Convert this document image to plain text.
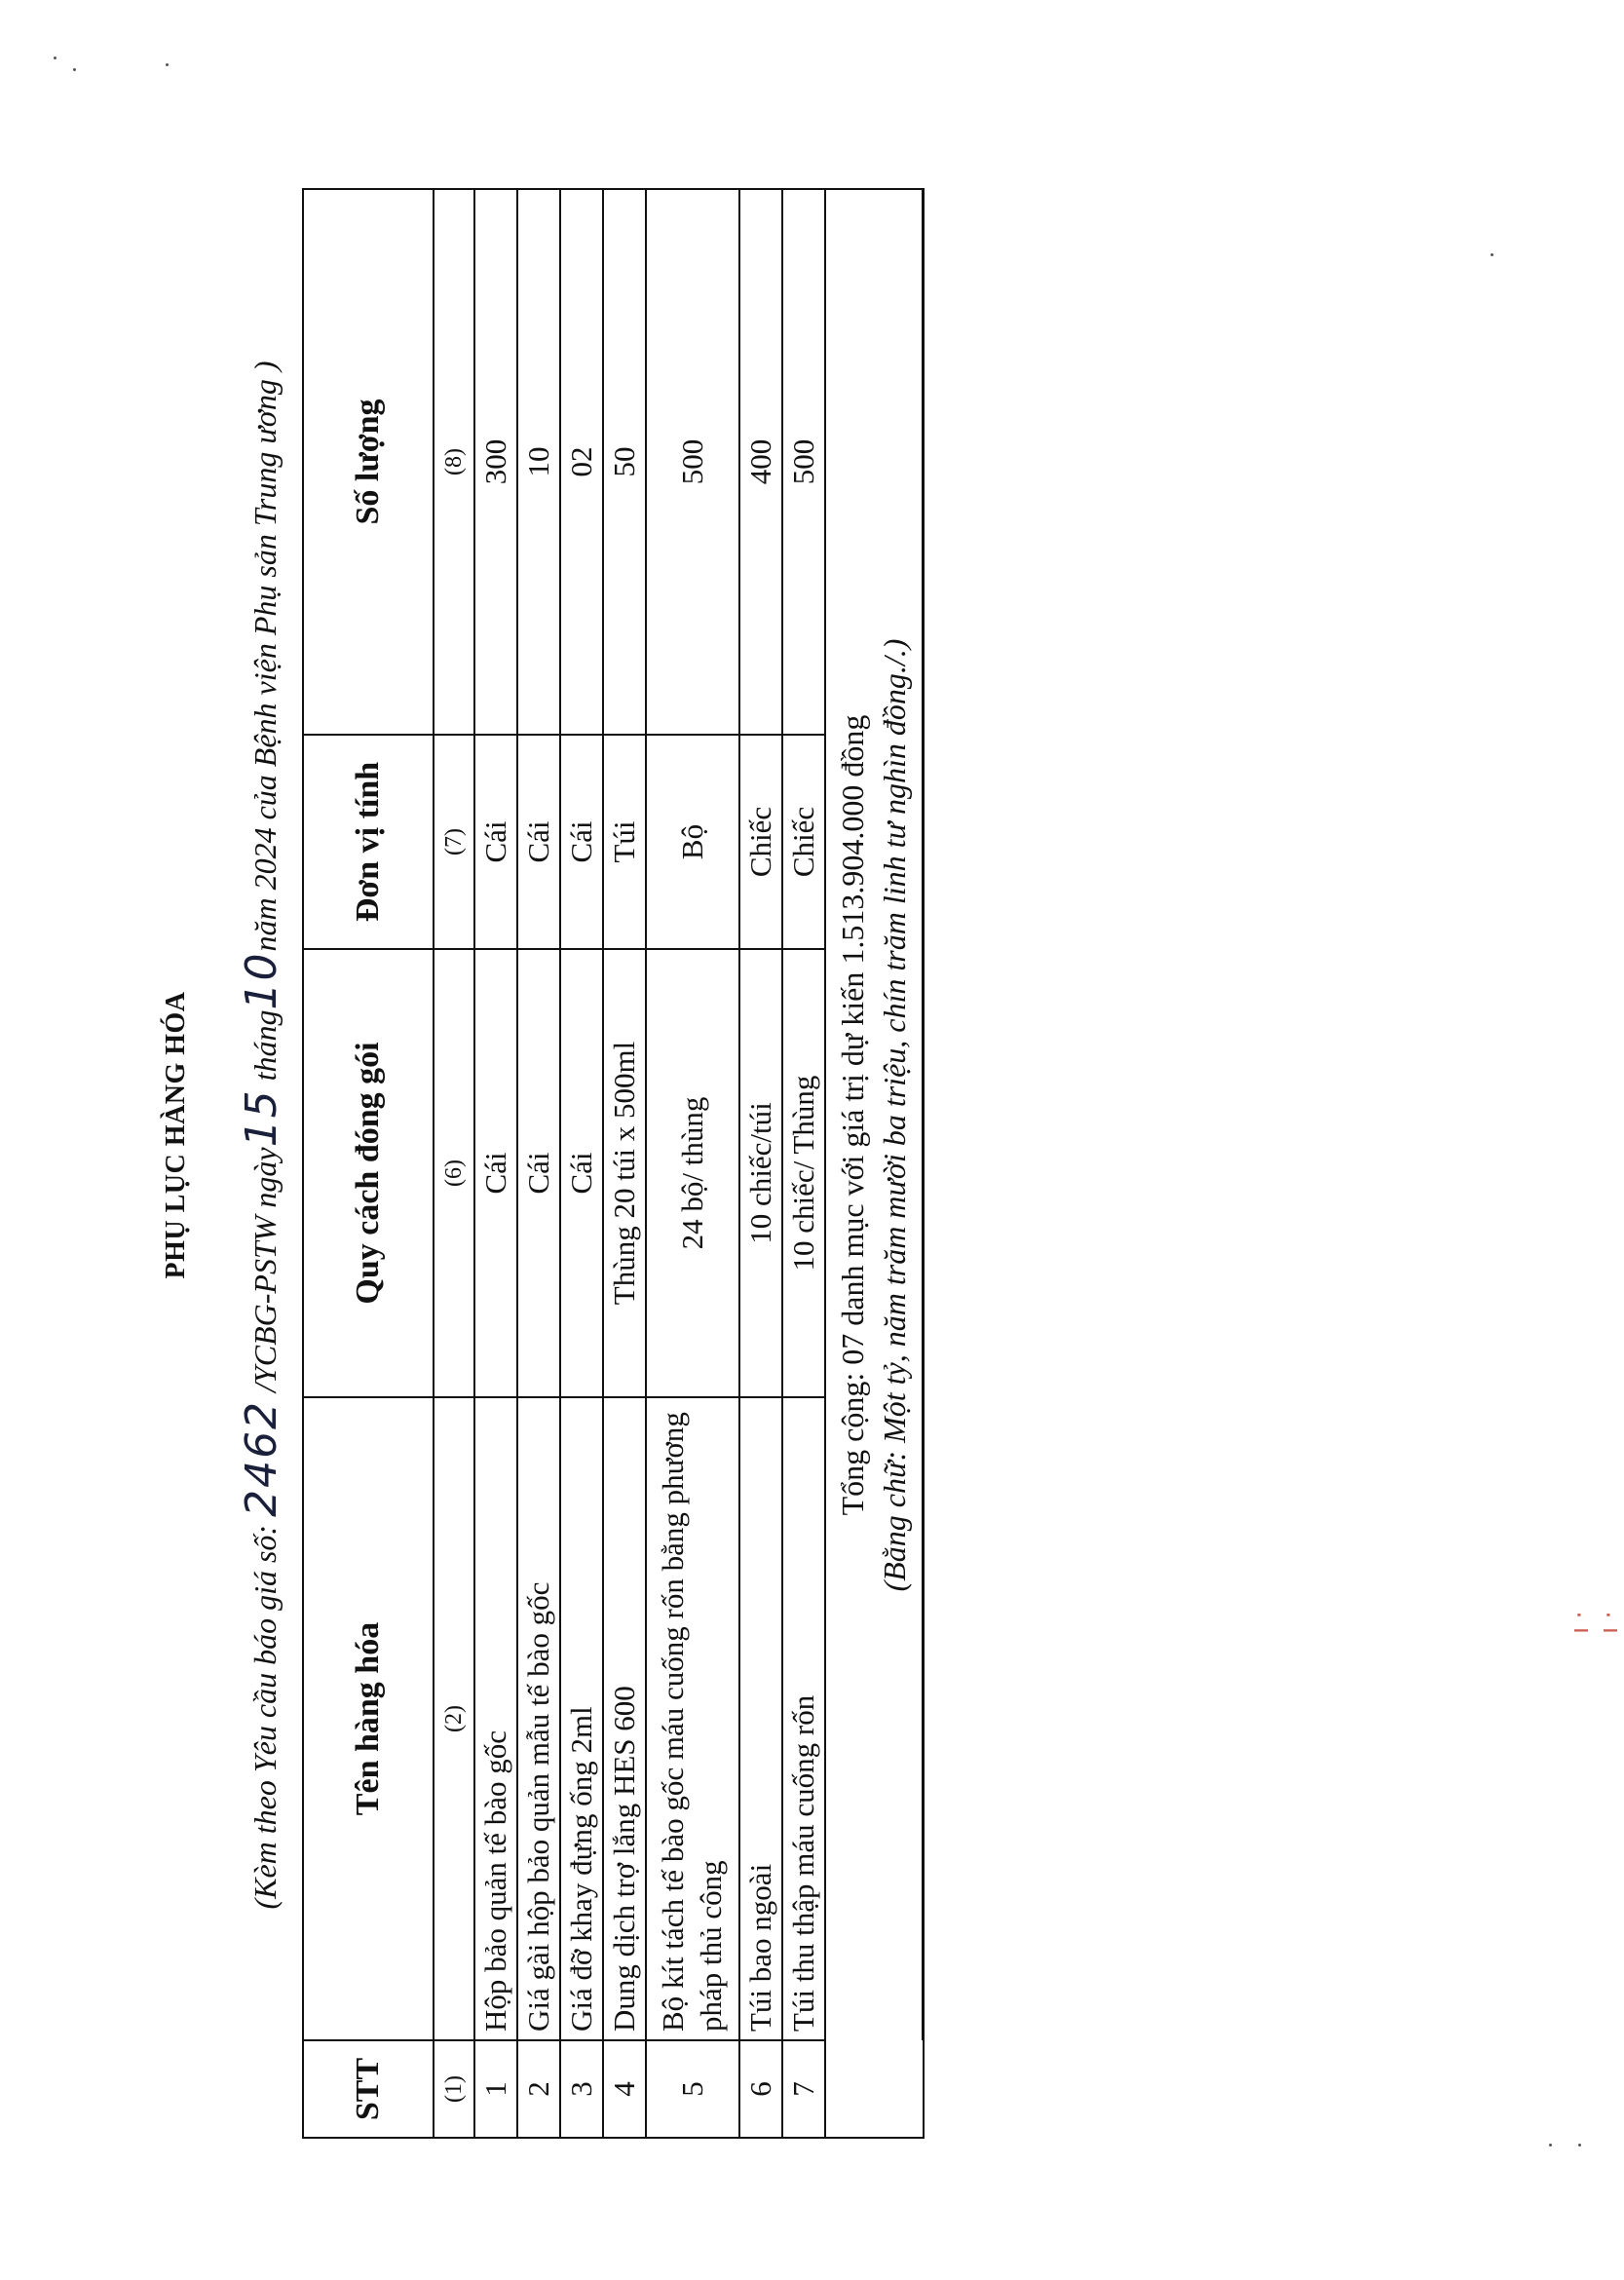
PHỤ LỤC HÀNG HÓA
(Kèm theo Yêu cầu báo giá số: 2462 /YCBG-PSTW ngày15 tháng10năm 2024 của Bệnh viện Phụ sản Trung ương )
STT	Tên hàng hóa	Quy cách đóng gói	Đơn vị tính	Số lượng
(1)	(2)	(6)	(7)	(8)
1	Hộp bảo quản tế bào gốc	Cái	Cái	300
2	Giá gài hộp bảo quản mẫu tế bào gốc	Cái	Cái	10
3	Giá đỡ khay đựng ống 2ml	Cái	Cái	02
4	Dung dịch trợ lắng HES 600	Thùng 20 túi x 500ml	Túi	50
5	Bộ kít tách tế bào gốc máu cuống rốn bằng phương pháp thủ công	24 bộ/ thùng	Bộ	500
6	Túi bao ngoài	10 chiếc/túi	Chiếc	400
7	Túi thu thập máu cuống rốn	10 chiếc/ Thùng	Chiếc	500

	Tổng cộng: 07 danh mục với giá trị dự kiến 1.513.904.000 đồng (Bằng chữ: Một tỷ, năm trăm mười ba triệu, chín trăm linh tư nghìn đồng./.)			
ı · ı ·
